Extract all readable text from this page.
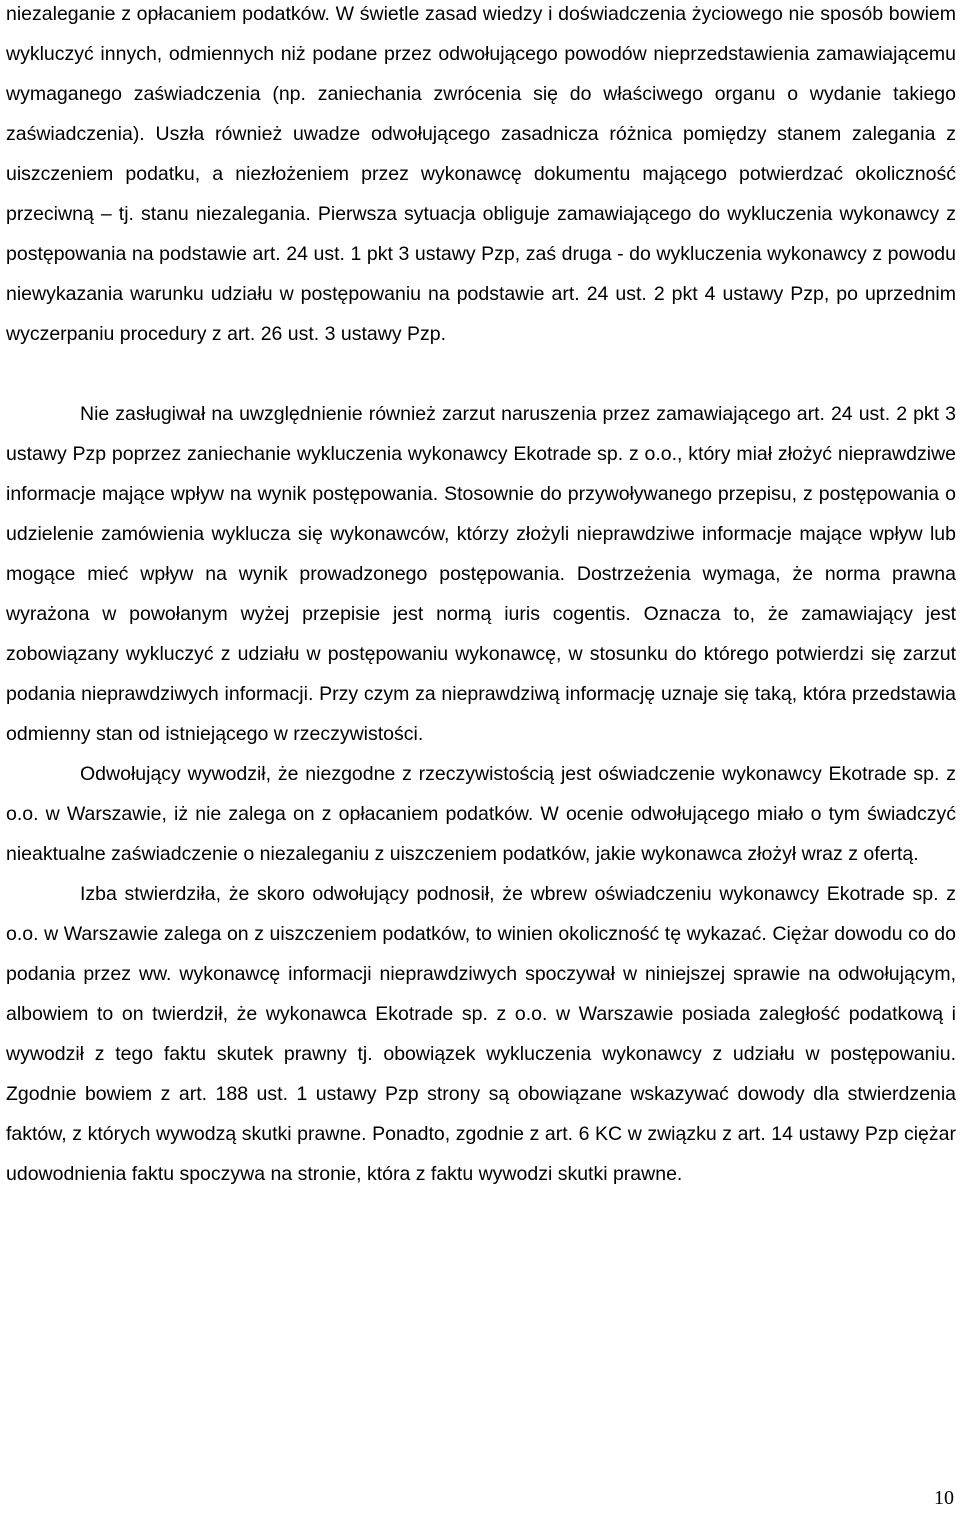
niezaleganie z opłacaniem podatków. W świetle zasad wiedzy i doświadczenia życiowego nie sposób bowiem wykluczyć innych, odmiennych niż podane przez odwołującego powodów nieprzedstawienia zamawiającemu wymaganego zaświadczenia (np. zaniechania zwrócenia się do właściwego organu o wydanie takiego zaświadczenia). Uszła również uwadze odwołującego zasadnicza różnica pomiędzy stanem zalegania z uiszczeniem podatku, a niezłożeniem przez wykonawcę dokumentu mającego potwierdzać okoliczność przeciwną – tj. stanu niezalegania. Pierwsza sytuacja obliguje zamawiającego do wykluczenia wykonawcy z postępowania na podstawie art. 24 ust. 1 pkt 3 ustawy Pzp, zaś druga - do wykluczenia wykonawcy z powodu niewykazania warunku udziału w postępowaniu na podstawie art. 24 ust. 2 pkt 4 ustawy Pzp, po uprzednim wyczerpaniu procedury z art. 26 ust. 3 ustawy Pzp.

Nie zasługiwał na uwzględnienie również zarzut naruszenia przez zamawiającego art. 24 ust. 2 pkt 3 ustawy Pzp poprzez zaniechanie wykluczenia wykonawcy Ekotrade sp. z o.o., który miał złożyć nieprawdziwe informacje mające wpływ na wynik postępowania. Stosownie do przywoływanego przepisu, z postępowania o udzielenie zamówienia wyklucza się wykonawców, którzy złożyli nieprawdziwe informacje mające wpływ lub mogące mieć wpływ na wynik prowadzonego postępowania. Dostrzeżenia wymaga, że norma prawna wyrażona w powołanym wyżej przepisie jest normą iuris cogentis. Oznacza to, że zamawiający jest zobowiązany wykluczyć z udziału w postępowaniu wykonawcę, w stosunku do którego potwierdzi się zarzut podania nieprawdziwych informacji. Przy czym za nieprawdziwą informację uznaje się taką, która przedstawia odmienny stan od istniejącego w rzeczywistości.

Odwołujący wywodził, że niezgodne z rzeczywistością jest oświadczenie wykonawcy Ekotrade sp. z o.o. w Warszawie, iż nie zalega on z opłacaniem podatków. W ocenie odwołującego miało o tym świadczyć nieaktualne zaświadczenie o niezaleganiu z uiszczeniem podatków, jakie wykonawca złożył wraz z ofertą.

Izba stwierdziła, że skoro odwołujący podnosił, że wbrew oświadczeniu wykonawcy Ekotrade sp. z o.o. w Warszawie zalega on z uiszczeniem podatków, to winien okoliczność tę wykazać. Ciężar dowodu co do podania przez ww. wykonawcę informacji nieprawdziwych spoczywał w niniejszej sprawie na odwołującym, albowiem to on twierdził, że wykonawca Ekotrade sp. z o.o. w Warszawie posiada zaległość podatkową i wywodził z tego faktu skutek prawny tj. obowiązek wykluczenia wykonawcy z udziału w postępowaniu. Zgodnie bowiem z art. 188 ust. 1 ustawy Pzp strony są obowiązane wskazywać dowody dla stwierdzenia faktów, z których wywodzą skutki prawne. Ponadto, zgodnie z art. 6 KC w związku z art. 14 ustawy Pzp ciężar udowodnienia faktu spoczywa na stronie, która z faktu wywodzi skutki prawne.

10
